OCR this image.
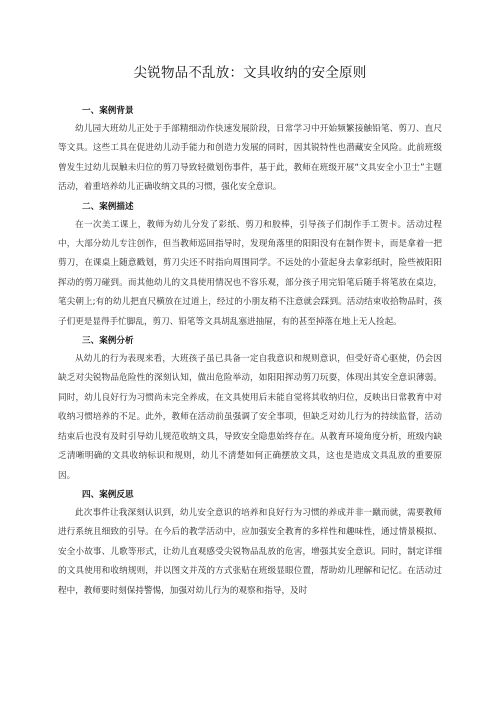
尖锐物品不乱放：文具收纳的安全原则
一、案例背景

幼儿园大班幼儿正处于手部精细动作快速发展阶段，日常学习中开始频繁接触铅笔、剪刀、直尺等文具。这些工具在促进幼儿动手能力和创造力发展的同时，因其锐特性也潜藏安全风险。此前班级曾发生过幼儿误触未归位的剪刀导致轻微划伤事件，基于此，教师在班级开展“文具安全小卫士”主题活动，着重培养幼儿正确收纳文具的习惯，强化安全意识。

二、案例描述

在一次美工课上，教师为幼儿分发了彩纸、剪刀和胶棒，引导孩子们制作手工贺卡。活动过程中，大部分幼儿专注创作，但当教师巡回指导时，发现角落里的阳阳没有在制作贺卡，而是拿着一把剪刀，在课桌上随意戳划，剪刀尖还不时指向周围同学。不远处的小萱起身去拿彩纸时，险些被阳阳挥动的剪刀碰到。而其他幼儿的文具使用情况也不容乐观，部分孩子用完铅笔后随手将笔放在桌边，笔尖朝上;有的幼儿把直尺横放在过道上，经过的小朋友稍不注意就会踩到。活动结束收拾物品时，孩子们更是显得手忙脚乱，剪刀、铅笔等文具胡乱塞进抽屉，有的甚至掉落在地上无人捡起。

三、案例分析

从幼儿的行为表现来看，大班孩子虽已具备一定自我意识和规则意识，但受好奇心驱使，仍会因缺乏对尖锐物品危险性的深刻认知，做出危险举动，如阳阳挥动剪刀玩耍，体现出其安全意识薄弱。同时，幼儿良好行为习惯尚未完全养成，在文具使用后未能自觉将其收纳归位，反映出日常教育中对收纳习惯培养的不足。此外，教师在活动前虽强调了安全事项，但缺乏对幼儿行为的持续监督，活动结束后也没有及时引导幼儿规范收纳文具，导致安全隐患始终存在。从教育环境角度分析，班级内缺乏清晰明确的文具收纳标识和规则，幼儿不清楚如何正确摆放文具，这也是造成文具乱放的重要原因。

四、案例反思

此次事件让我深刻认识到，幼儿安全意识的培养和良好行为习惯的养成并非一蹴而就，需要教师进行系统且细致的引导。在今后的教学活动中，应加强安全教育的多样性和趣味性，通过情景模拟、安全小故事、儿歌等形式，让幼儿直观感受尖锐物品乱放的危害，增强其安全意识。同时，制定详细的文具使用和收纳规则，并以图文并茂的方式张贴在班级显眼位置，帮助幼儿理解和记忆。在活动过程中，教师要时刻保持警惕，加强对幼儿行为的观察和指导，及时
